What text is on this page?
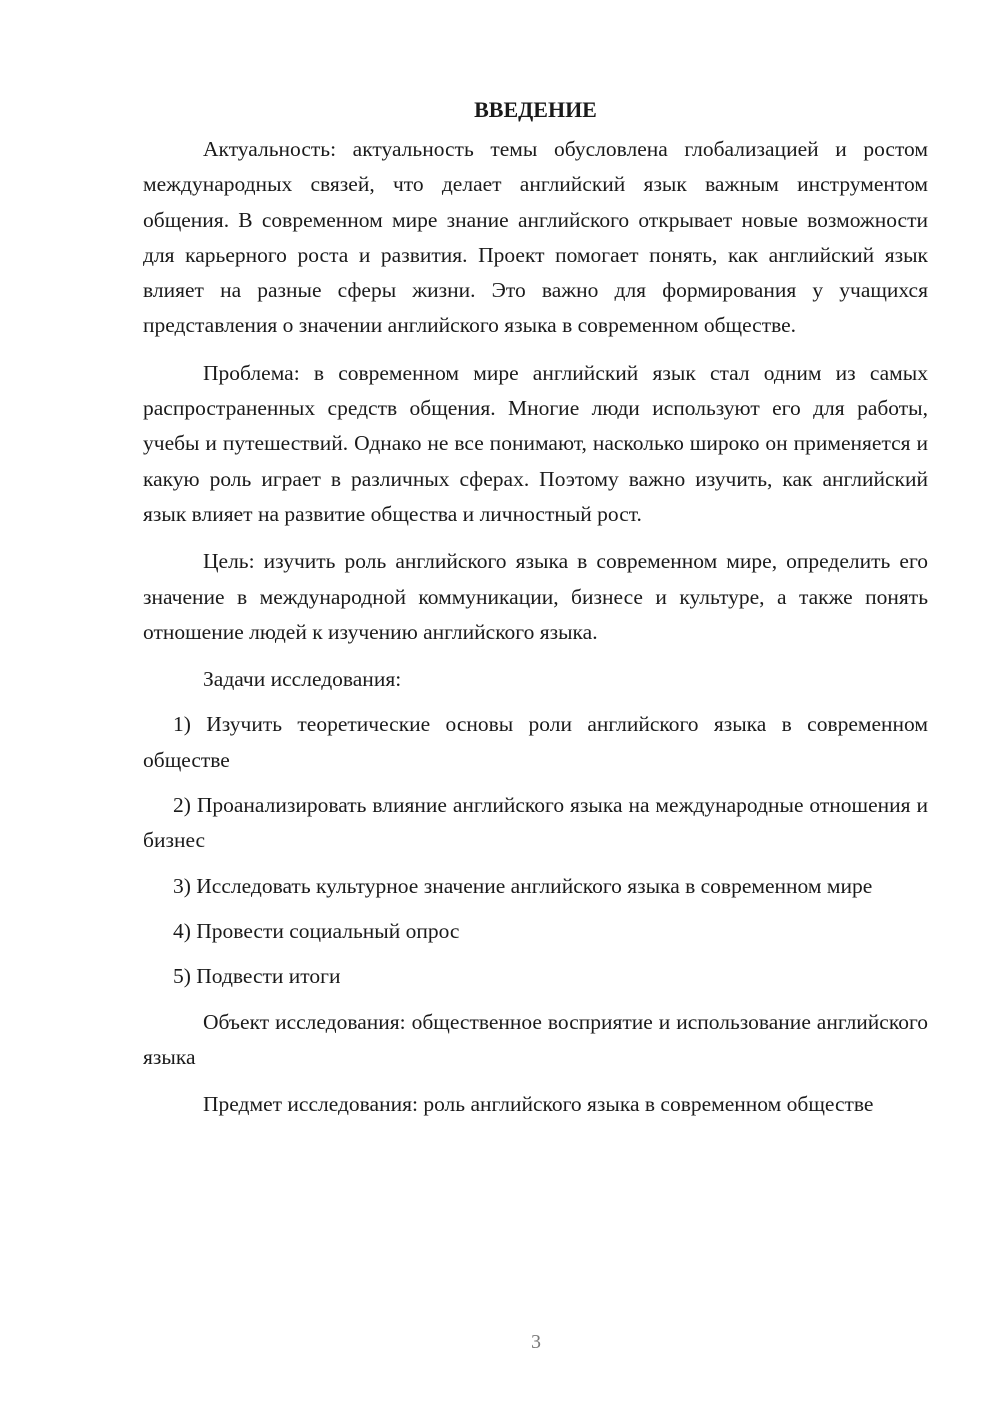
ВВЕДЕНИЕ

Актуальность: актуальность темы обусловлена глобализацией и ростом международных связей, что делает английский язык важным инструментом общения. В современном мире знание английского открывает новые возможности для карьерного роста и развития. Проект помогает понять, как английский язык влияет на разные сферы жизни. Это важно для формирования у учащихся представления о значении английского языка в современном обществе.

Проблема: в современном мире английский язык стал одним из самых распространенных средств общения. Многие люди используют его для работы, учебы и путешествий. Однако не все понимают, насколько широко он применяется и какую роль играет в различных сферах. Поэтому важно изучить, как английский язык влияет на развитие общества и личностный рост.

Цель: изучить роль английского языка в современном мире, определить его значение в международной коммуникации, бизнесе и культуре, а также понять отношение людей к изучению английского языка.

Задачи исследования:

1) Изучить теоретические основы роли английского языка в современном обществе

2) Проанализировать влияние английского языка на международные отношения и бизнес

3) Исследовать культурное значение английского языка в современном мире

4) Провести социальный опрос

5) Подвести итоги

Объект исследования: общественное восприятие и использование английского языка

Предмет исследования: роль английского языка в современном обществе

3
